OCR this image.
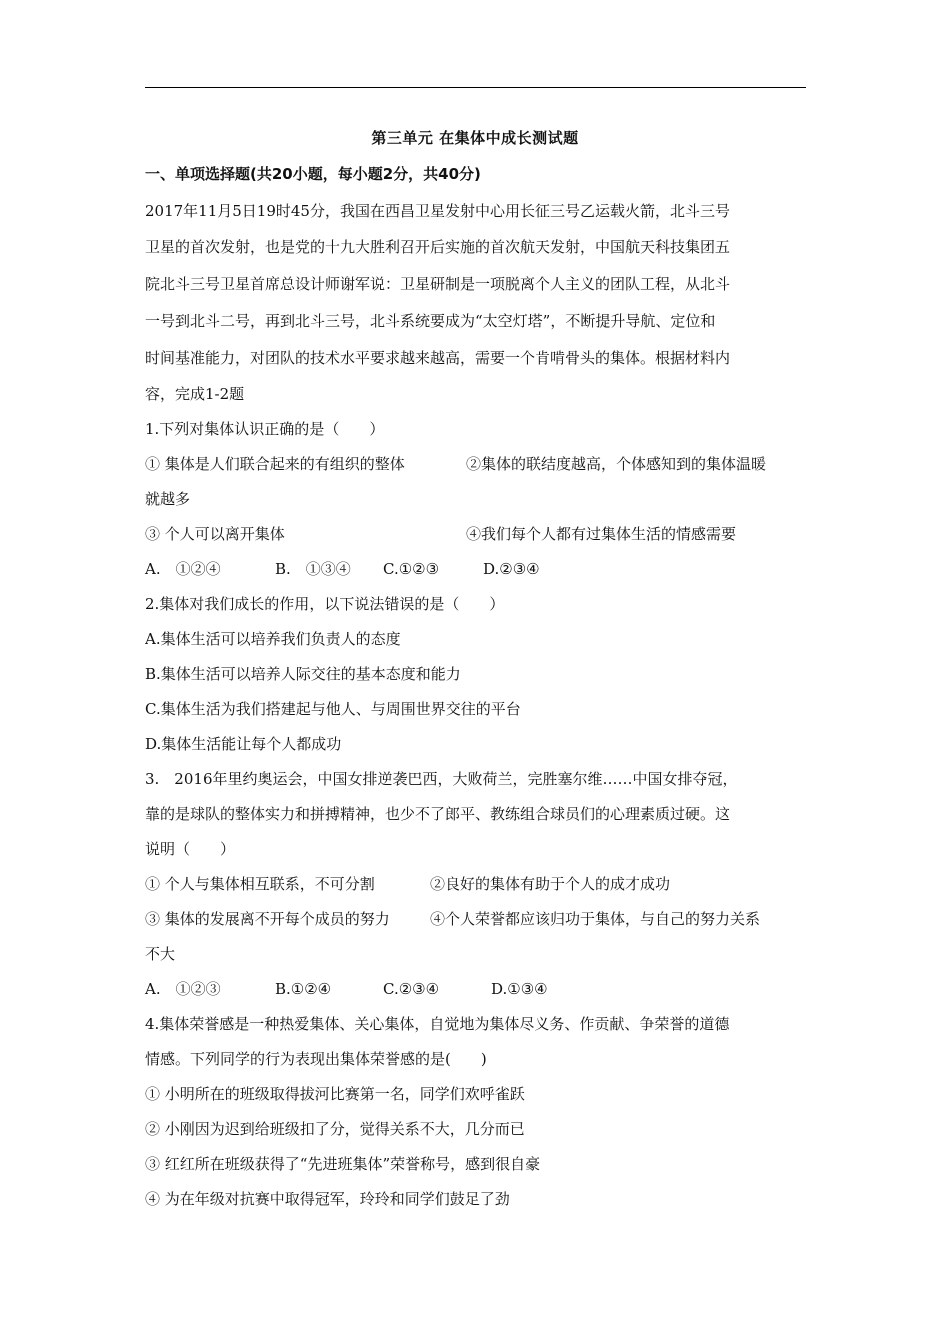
第三单元 在集体中成长测试题
一、单项选择题(共20小题，每小题2分，共40分)
2017年11月5日19时45分，我国在西昌卫星发射中心用长征三号乙运载火箭，北斗三号
卫星的首次发射，也是党的十九大胜利召开后实施的首次航天发射，中国航天科技集团五
院北斗三号卫星首席总设计师谢军说：卫星研制是一项脱离个人主义的团队工程，从北斗
一号到北斗二号，再到北斗三号，北斗系统要成为“太空灯塔”，不断提升导航、定位和
时间基准能力，对团队的技术水平要求越来越高，需要一个肯啃骨头的集体。根据材料内
容，完成1-2题
1.下列对集体认识正确的是（　　）
① 集体是人们联合起来的有组织的整体	②集体的联结度越高，个体感知到的集体温暖
就越多
③ 个人可以离开集体	④我们每个人都有过集体生活的情感需要
A.　①②④	B.　①③④	C.①②③	D.②③④
2.集体对我们成长的作用，以下说法错误的是（　　）
A.集体生活可以培养我们负责人的态度
B.集体生活可以培养人际交往的基本态度和能力
C.集体生活为我们搭建起与他人、与周围世界交往的平台
D.集体生活能让每个人都成功
3.　2016年里约奥运会，中国女排逆袭巴西，大败荷兰，完胜塞尔维……中国女排夺冠，
靠的是球队的整体实力和拼搏精神，也少不了郎平、教练组合球员们的心理素质过硬。这
说明（　　）
① 个人与集体相互联系，不可分割	②良好的集体有助于个人的成才成功
③ 集体的发展离不开每个成员的努力	④个人荣誉都应该归功于集体，与自己的努力关系
不大
A.　①②③	B.①②④	C.②③④	D.①③④
4.集体荣誉感是一种热爱集体、关心集体，自觉地为集体尽义务、作贡献、争荣誉的道德
情感。下列同学的行为表现出集体荣誉感的是(　　)
① 小明所在的班级取得拔河比赛第一名，同学们欢呼雀跃
② 小刚因为迟到给班级扣了分，觉得关系不大，几分而已
③ 红红所在班级获得了“先进班集体”荣誉称号，感到很自豪
④ 为在年级对抗赛中取得冠军，玲玲和同学们鼓足了劲
